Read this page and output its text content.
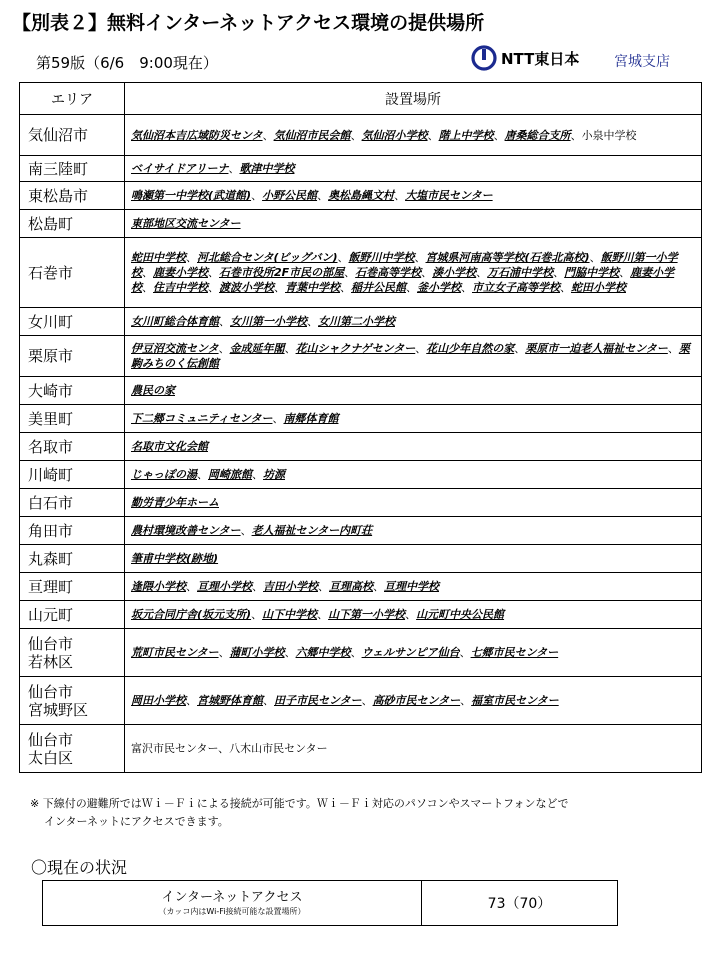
【別表２】無料インターネットアクセス環境の提供場所
第59版（6/6　9:00現在）	NTT東日本 宮城支店
エリア	設置場所
気仙沼市	気仙沼本吉広域防災センタ、気仙沼市民会館、気仙沼小学校、階上中学校、唐桑総合支所、小泉中学校
南三陸町	ベイサイドアリーナ、歌津中学校
東松島市	鳴瀬第一中学校(武道館)、小野公民館、奥松島縄文村、大塩市民センター
松島町	東部地区交流センター
石巻市	蛇田中学校、河北総合センタ(ビッグバン)、飯野川中学校、宮城県河南高等学校(石巻北高校)、飯野川第一小学校、鹿妻小学校、石巻市役所2F市民の部屋、石巻高等学校、湊小学校、万石浦中学校、門脇中学校、鹿妻小学校、住吉中学校、渡波小学校、青葉中学校、稲井公民館、釜小学校、市立女子高等学校、蛇田小学校
女川町	女川町総合体育館、女川第一小学校、女川第二小学校
栗原市	伊豆沼交流センタ、金成延年閣、花山シャクナゲセンター、花山少年自然の家、栗原市一迫老人福祉センター、栗駒みちのく伝創館
大崎市	農民の家
美里町	下二郷コミュニティセンター、南郷体育館
名取市	名取市文化会館
川崎町	じゃっぽの湯、岡崎旅館、坊源
白石市	勤労青少年ホーム
角田市	農村環境改善センター、老人福祉センター内町荘
丸森町	筆甫中学校(跡地)
亘理町	逢隈小学校、亘理小学校、吉田小学校、亘理高校、亘理中学校
山元町	坂元合同庁舎(坂元支所)、山下中学校、山下第一小学校、山元町中央公民館
仙台市
若林区	荒町市民センター、蒲町小学校、六郷中学校、ウェルサンピア仙台、七郷市民センター
仙台市
宮城野区	岡田小学校、宮城野体育館、田子市民センター、高砂市民センター、福室市民センター
仙台市
太白区	富沢市民センター、八木山市民センター
※ 下線付の避難所ではＷｉ－Ｆｉによる接続が可能です。Ｗｉ－Ｆｉ対応のパソコンやスマートフォンなどで
インターネットにアクセスできます。
〇現在の状況
インターネットアクセス
（カッコ内はWi-Fi接続可能な設置場所）	73（70）
